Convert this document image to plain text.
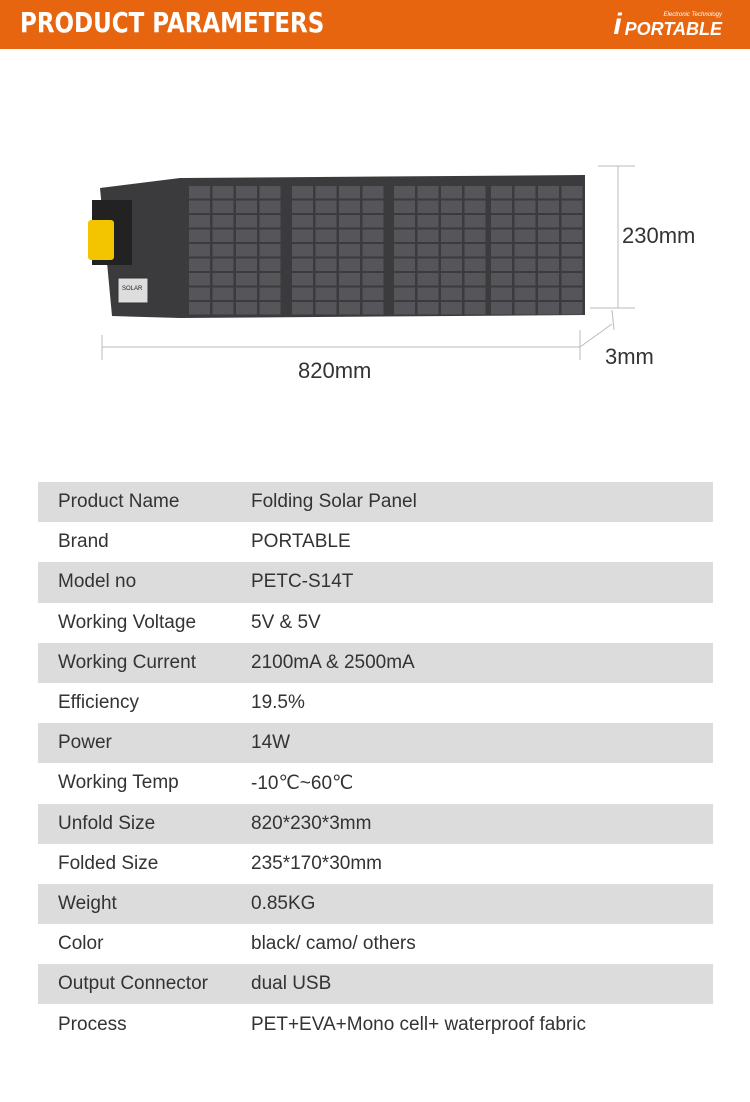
PRODUCT PARAMETERS	i	Electronic Technology
PORTABLE
SOLAR
230mm
820mm
3mm
Product Name	Folding Solar Panel
Brand	PORTABLE
Model no	PETC-S14T
Working Voltage	5V & 5V
Working Current	2100mA & 2500mA
Efficiency	19.5%
Power	14W
Working Temp	-10℃~60℃
Unfold Size	820*230*3mm
Folded Size	235*170*30mm
Weight	0.85KG
Color	black/ camo/ others
Output Connector	dual USB
Process	PET+EVA+Mono cell+ waterproof fabric
